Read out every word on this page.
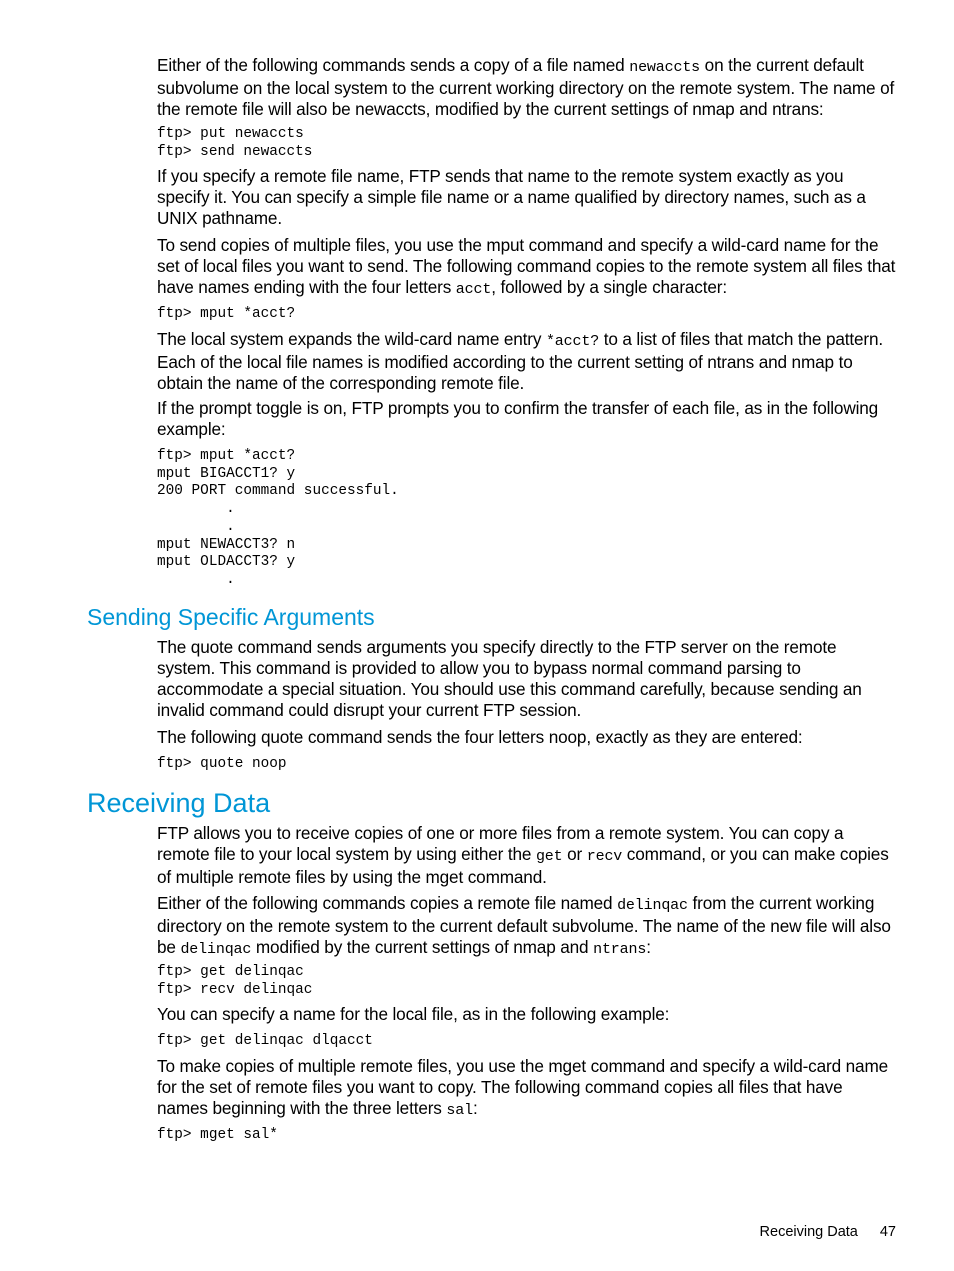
Either of the following commands sends a copy of a file named newaccts on the current default subvolume on the local system to the current working directory on the remote system. The name of the remote file will also be newaccts, modified by the current settings of nmap and ntrans:

ftp> put newaccts
ftp> send newaccts

If you specify a remote file name, FTP sends that name to the remote system exactly as you specify it. You can specify a simple file name or a name qualified by directory names, such as a UNIX pathname.

To send copies of multiple files, you use the mput command and specify a wild-card name for the set of local files you want to send. The following command copies to the remote system all files that have names ending with the four letters acct, followed by a single character:

ftp> mput *acct?

The local system expands the wild-card name entry *acct? to a list of files that match the pattern. Each of the local file names is modified according to the current setting of ntrans and nmap to obtain the name of the corresponding remote file.

If the prompt toggle is on, FTP prompts you to confirm the transfer of each file, as in the following example:

ftp> mput *acct?
mput BIGACCT1? y
200 PORT command successful.
.
.
mput NEWACCT3? n
mput OLDACCT3? y
.
Sending Specific Arguments

The quote command sends arguments you specify directly to the FTP server on the remote system. This command is provided to allow you to bypass normal command parsing to accommodate a special situation. You should use this command carefully, because sending an invalid command could disrupt your current FTP session.

The following quote command sends the four letters noop, exactly as they are entered:

ftp> quote noop
Receiving Data

FTP allows you to receive copies of one or more files from a remote system. You can copy a remote file to your local system by using either the get or recv command, or you can make copies of multiple remote files by using the mget command.

Either of the following commands copies a remote file named delinqac from the current working directory on the remote system to the current default subvolume. The name of the new file will also be delinqac modified by the current settings of nmap and ntrans:

ftp> get delinqac
ftp> recv delinqac

You can specify a name for the local file, as in the following example:

ftp> get delinqac dlqacct

To make copies of multiple remote files, you use the mget command and specify a wild-card name for the set of remote files you want to copy. The following command copies all files that have names beginning with the three letters sal:

ftp> mget sal*
Receiving Data 47
